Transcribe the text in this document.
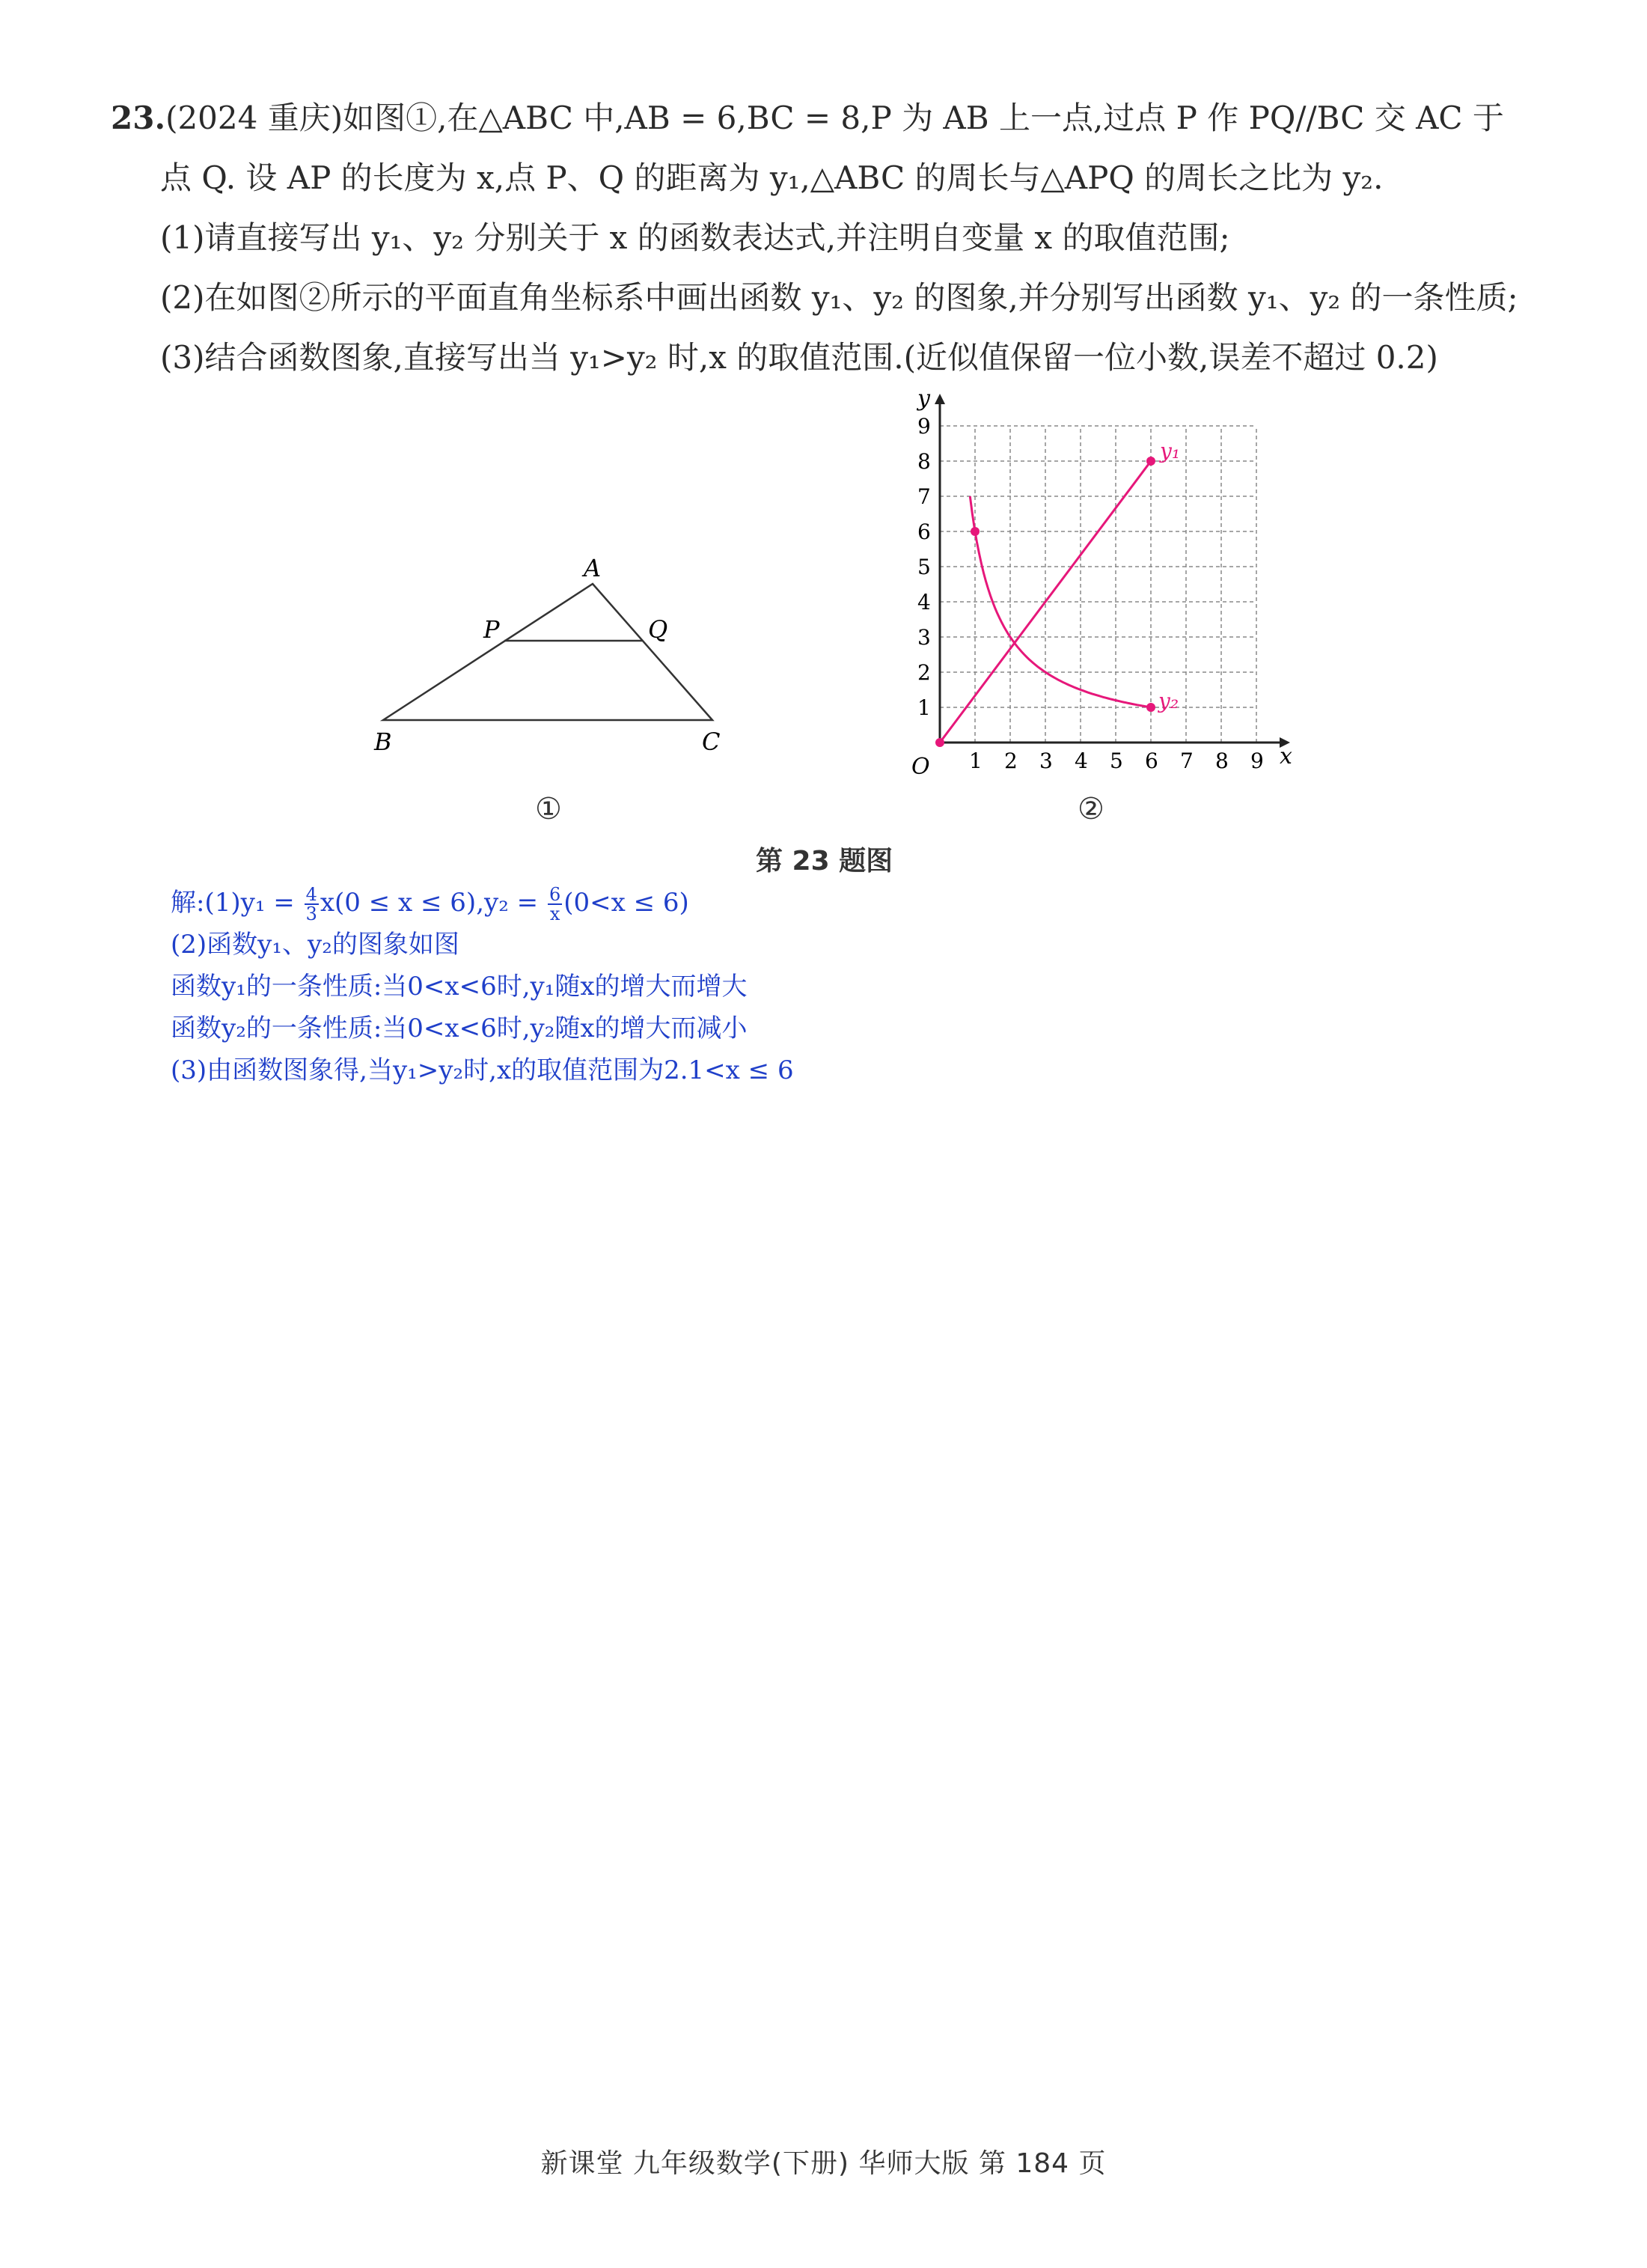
23.(2024 重庆)如图①,在△ABC 中,AB = 6,BC = 8,P 为 AB 上一点,过点 P 作 PQ//BC 交 AC 于
点 Q. 设 AP 的长度为 x,点 P、Q 的距离为 y₁,△ABC 的周长与△APQ 的周长之比为 y₂.
(1)请直接写出 y₁、y₂ 分别关于 x 的函数表达式,并注明自变量 x 的取值范围;
(2)在如图②所示的平面直角坐标系中画出函数 y₁、y₂ 的图象,并分别写出函数 y₁、y₂ 的一条性质;
(3)结合函数图象,直接写出当 y₁>y₂ 时,x 的取值范围.(近似值保留一位小数,误差不超过 0.2)
A
B	C
P	Q
①
x
y
O 1 2 3 4 5 6 7 8 9
1
2
3
4
5
6
7
8
9
y₁
y₂
②
第 23 题图
解:(1)y₁ = $\frac{4}{3} x(0 \le x \le 6),y_2 = \frac{6}{x} (0<x \le 6)$
(2)函数y₁、y₂的图象如图
函数y₁的一条性质:当0<x<6时,y₁随x的增大而增大
函数y₂的一条性质:当0<x<6时,y₂随x的增大而减小
(3)由函数图象得,当y₁>y₂时,x的取值范围为2.1<x ≤ 6
新课堂 九年级数学(下册) 华师大版 第 184 页
